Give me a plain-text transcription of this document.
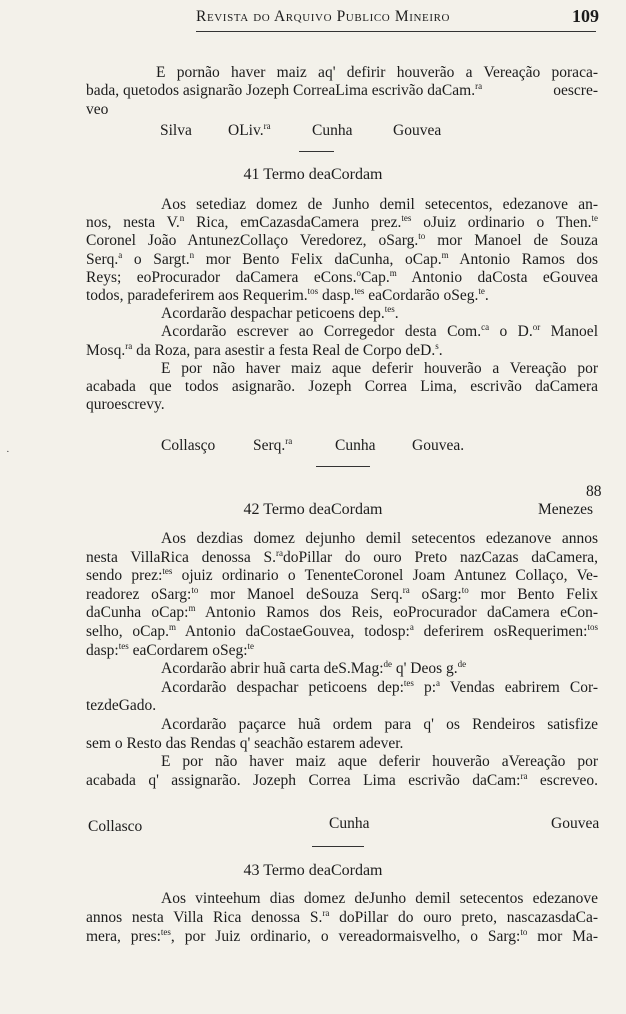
Revista do Arquivo Publico Mineiro	109
E pornão haver maiz aq' defirir houverão a Vereação poraca-
bada, quetodos asignarão Jozeph CorreaLima escrivão daCam.$^{ra}$	oescre-
veo
Silva OLiv.$^{ra}$	Cunha	Gouvea
41 Termo deaCordam
Aos setediaz domez de Junho demil setecentos, edezanove an-
nos, nesta V.$^n$ Rica, emCazasdaCamera prez.$^{tes}$ oJuiz ordinario o Then.$^{te}$
Coronel João AntunezCollaço Veredorez, oSarg.$^{to}$ mor Manoel de Souza
Serq.$^a$ o Sargt.$^n$ mor Bento Felix daCunha, oCap.$^m$ Antonio Ramos dos
Reys; eoProcurador daCamera eCons.$^o$Cap.$^m$ Antonio daCosta eGouvea
todos, paradeferirem aos Requerim.$^{tos}$ dasp.$^{tes}$ eaCordarão oSeg.$^{te}$.
Acordarão despachar peticoens dep.$^{tes}$.
Acordarão escrever ao Corregedor desta Com.$^{ca}$ o D.$^{or}$ Manoel
Mosq.$^{ra}$ da Roza, para asestir a festa Real de Corpo deD.$^s$.
E por não haver maiz aque deferir houverão a Vereação por
acabada que todos asignarão. Jozeph Correa Lima, escrivão daCamera
quroescrevy.
Collasço Serq.$^{ra}$	Cunha Gouvea.
88
42 Termo deaCordam	Menezes
Aos dezdias domez dejunho demil setecentos edezanove annos
nesta VillaRica denossa S.$^{ra}$doPillar do ouro Preto nazCazas daCamera,
sendo prez:$^{tes}$ ojuiz ordinario o TenenteCoronel Joam Antunez Collaço, Ve-
readorez oSarg:$^{to}$ mor Manoel deSouza Serq.$^{ra}$ oSarg:$^{to}$ mor Bento Felix
daCunha oCap:$^m$ Antonio Ramos dos Reis, eoProcurador daCamera eCon-
selho, oCap.$^m$ Antonio daCostaeGouvea, todosp:$^a$ deferirem osRequerimen:$^{tos}$
dasp:$^{tes}$ eaCordarem oSeg:$^{te}$
Acordarão abrir huã carta deS.Mag:$^{de}$ q' Deos g.$^{de}$
Acordarão despachar peticoens dep:$^{tes}$ p:$^a$ Vendas eabrirem Cor-
tezdeGado.
Acordarão paçarce huã ordem para q' os Rendeiros satisfize
sem o Resto das Rendas q' seachão estarem adever.
E por não haver maiz aque deferir houverão aVereação por
acabada q' assignarão. Jozeph Correa Lima escrivão daCam:$^{ra}$ escreveo.
Collasco	Cunha	Gouvea
43 Termo deaCordam
Aos vinteehum dias domez deJunho demil setecentos edezanove
annos nesta Villa Rica denossa S.$^{ra}$ doPillar do ouro preto, nascazasdaCa-
mera, pres:$^{tes}$, por Juiz ordinario, o vereadormaisvelho, o Sarg:$^{to}$ mor Ma-
·
